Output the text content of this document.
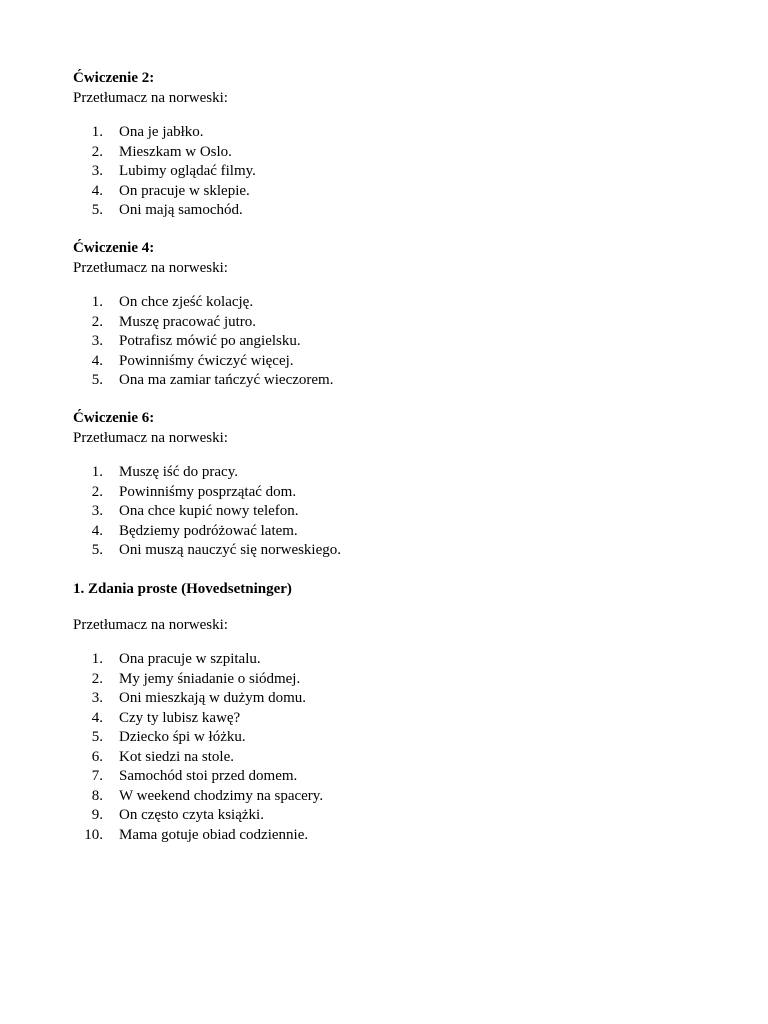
Ćwiczenie 2:

Przetłumacz na norweski:

1. Ona je jabłko.
2. Mieszkam w Oslo.
3. Lubimy oglądać filmy.
4. On pracuje w sklepie.
5. Oni mają samochód.

Ćwiczenie 4:

Przetłumacz na norweski:

1. On chce zjeść kolację.
2. Muszę pracować jutro.
3. Potrafisz mówić po angielsku.
4. Powinniśmy ćwiczyć więcej.
5. Ona ma zamiar tańczyć wieczorem.

Ćwiczenie 6:

Przetłumacz na norweski:

1. Muszę iść do pracy.
2. Powinniśmy posprzątać dom.
3. Ona chce kupić nowy telefon.
4. Będziemy podróżować latem.
5. Oni muszą nauczyć się norweskiego.

1. Zdania proste (Hovedsetninger)

Przetłumacz na norweski:

1. Ona pracuje w szpitalu.
2. My jemy śniadanie o siódmej.
3. Oni mieszkają w dużym domu.
4. Czy ty lubisz kawę?
5. Dziecko śpi w łóżku.
6. Kot siedzi na stole.
7. Samochód stoi przed domem.
8. W weekend chodzimy na spacery.
9. On często czyta książki.
10. Mama gotuje obiad codziennie.
